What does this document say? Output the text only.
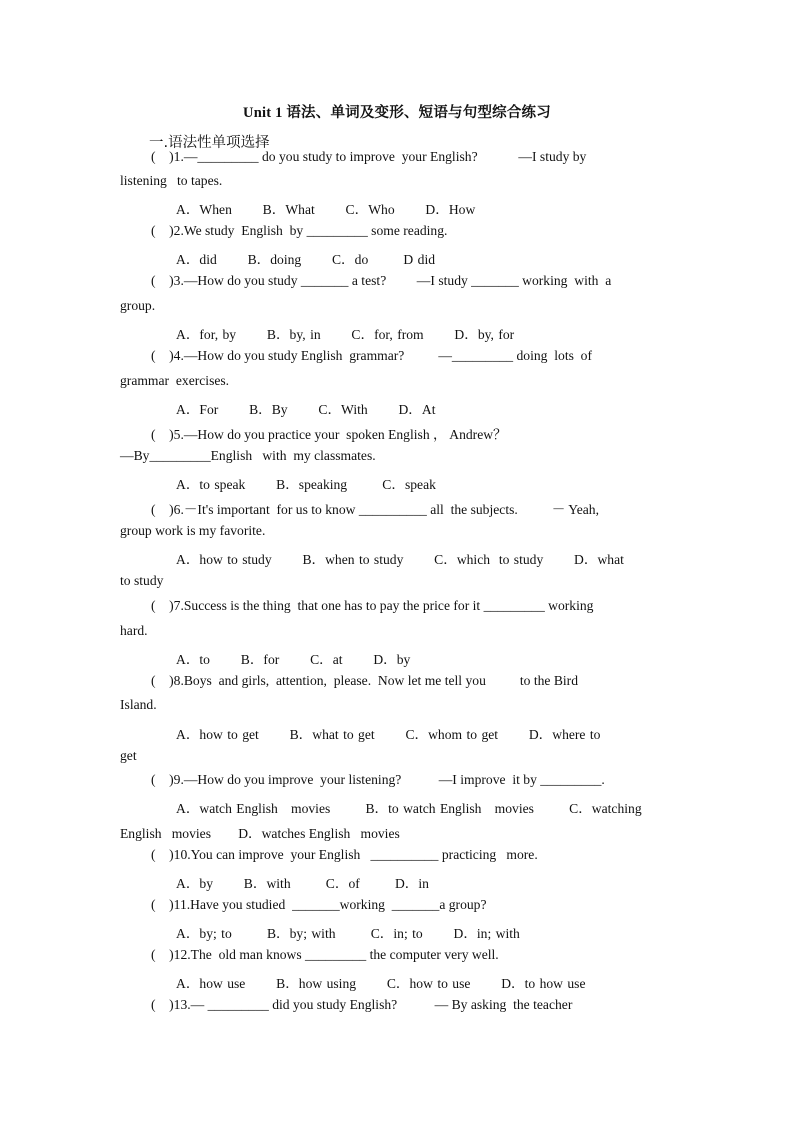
Unit 1 语法、单词及变形、短语与句型综合练习
一.语法性单项选择
(    )1.—_________ do you study to improve  your English?            —I study by
listening   to tapes.
A．When       B．What       C．Who       D．How
(    )2.We study  English  by _________ some reading.
A．did       B．doing       C．do        D did
(    )3.—How do you study _______ a test?         —I study _______ working  with  a
group.
A．for, by       B．by, in       C．for, from       D．by, for
(    )4.—How do you study English  grammar?          —_________ doing  lots  of
grammar  exercises.
A．For       B．By       C．With       D．At
(    )5.—How do you practice your  spoken English ， Andrew？
—By_________English   with  my classmates.
A．to speak       B．speaking        C．speak
(    )6.－It's important  for us to know __________ all  the subjects.          － Yeah,
group work is my favorite.
A．how to study       B．when to study       C．which  to study       D．what
to study
(    )7.Success is the thing  that one has to pay the price for it _________ working
hard.
A．to       B．for       C．at       D．by
(    )8.Boys  and girls,  attention,  please.  Now let me tell you          to the Bird
Island.
A．how to get       B．what to get       C．whom to get       D．where to
get
(    )9.—How do you improve  your listening?           —I improve  it by _________.
A．watch English   movies        B．to watch English   movies        C．watching
English   movies        D．watches English   movies
(    )10.You can improve  your English   __________ practicing   more.
A．by       B．with        C．of        D．in
(    )11.Have you studied  _______working  _______a group?
A．by; to        B．by; with        C．in; to       D．in; with
(    )12.The  old man knows _________ the computer very well.
A．how use       B．how using       C．how to use       D．to how use
(    )13.— _________ did you study English?           — By asking  the teacher
